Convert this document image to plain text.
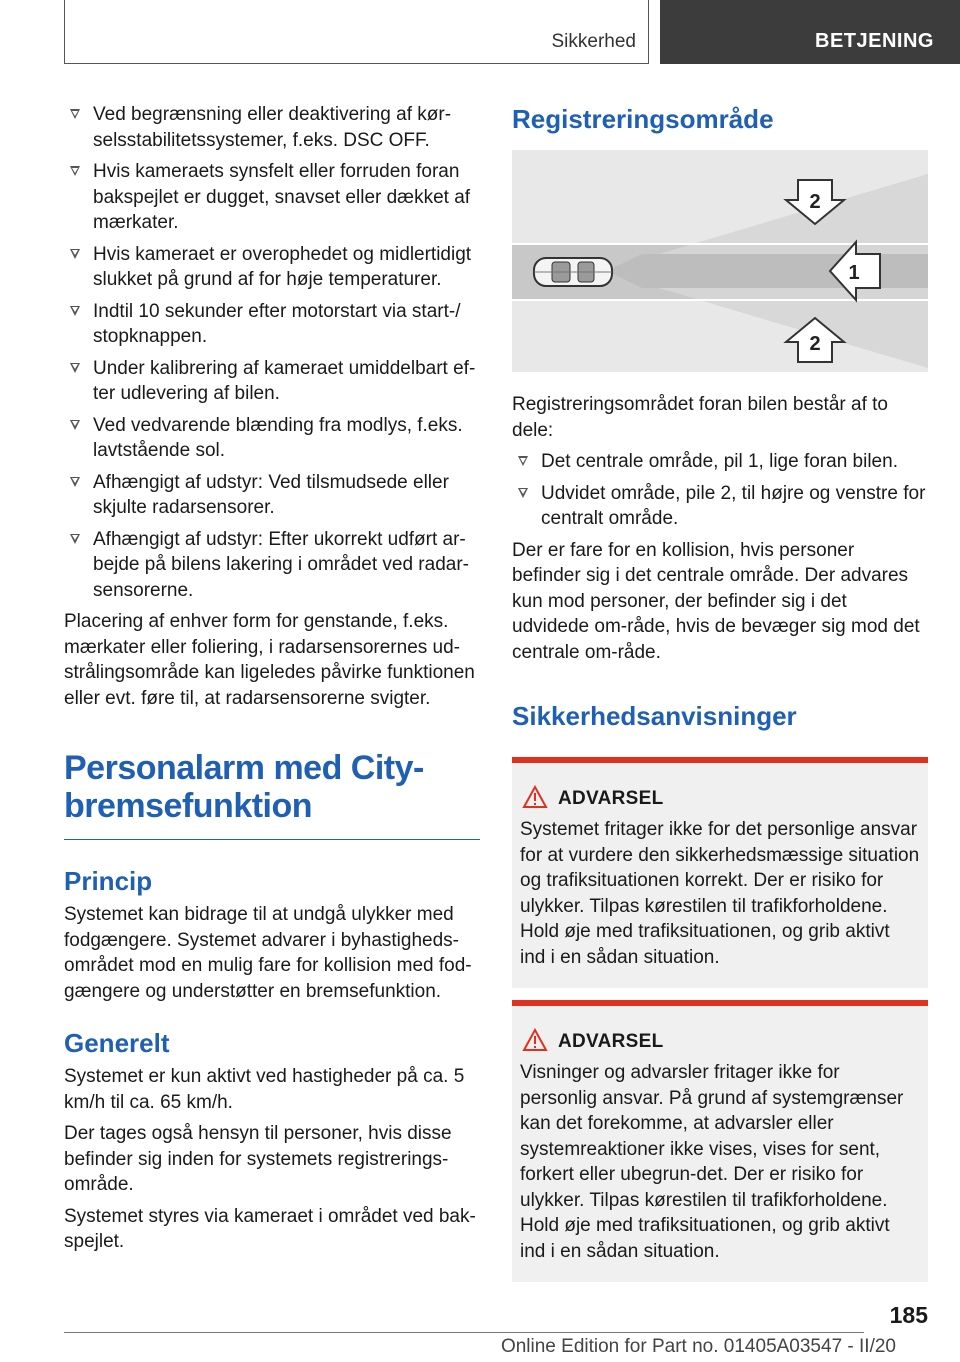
Sikkerhed	BETJENING
Ved begrænsning eller deaktivering af kør-selsstabilitetssystemer, f.eks. DSC OFF.
Hvis kameraets synsfelt eller forruden foran bakspejlet er dugget, snavset eller dækket af mærkater.
Hvis kameraet er overophedet og midlertidigt slukket på grund af for høje temperaturer.
Indtil 10 sekunder efter motorstart via start-/ stopknappen.
Under kalibrering af kameraet umiddelbart ef-ter udlevering af bilen.
Ved vedvarende blænding fra modlys, f.eks. lavtstående sol.
Afhængigt af udstyr: Ved tilsmudsede eller skjulte radarsensorer.
Afhængigt af udstyr: Efter ukorrekt udført ar-bejde på bilens lakering i området ved radar-sensorerne.

Placering af enhver form for genstande, f.eks. mærkater eller foliering, i radarsensorernes ud-strålingsområde kan ligeledes påvirke funktionen eller evt. føre til, at radarsensorerne svigter.

Personalarm med City-bremsefunktion
Princip

Systemet kan bidrage til at undgå ulykker med fodgængere. Systemet advarer i byhastigheds-området mod en mulig fare for kollision med fod-gængere og understøtter en bremsefunktion.

Generelt

Systemet er kun aktivt ved hastigheder på ca. 5 km/h til ca. 65 km/h.

Der tages også hensyn til personer, hvis disse befinder sig inden for systemets registrerings-område.

Systemet styres via kameraet i området ved bak-spejlet.

Registreringsområde
2
1
2

Registreringsområdet foran bilen består af to dele:

Det centrale område, pil 1, lige foran bilen.
Udvidet område, pile 2, til højre og venstre for centralt område.

Der er fare for en kollision, hvis personer befinder sig i det centrale område. Der advares kun mod personer, der befinder sig i det udvidede om-råde, hvis de bevæger sig mod det centrale om-råde.

Sikkerhedsanvisninger
ADVARSEL

Systemet fritager ikke for det personlige ansvar for at vurdere den sikkerhedsmæssige situation og trafiksituationen korrekt. Der er risiko for ulykker. Tilpas kørestilen til trafikforholdene. Hold øje med trafiksituationen, og grib aktivt ind i en sådan situation.

ADVARSEL

Visninger og advarsler fritager ikke for personlig ansvar. På grund af systemgrænser kan det forekomme, at advarsler eller systemreaktioner ikke vises, vises for sent, forkert eller ubegrun-det. Der er risiko for ulykker. Tilpas kørestilen til trafikforholdene. Hold øje med trafiksituationen, og grib aktivt ind i en sådan situation.

185
Online Edition for Part no. 01405A03547 - II/20
